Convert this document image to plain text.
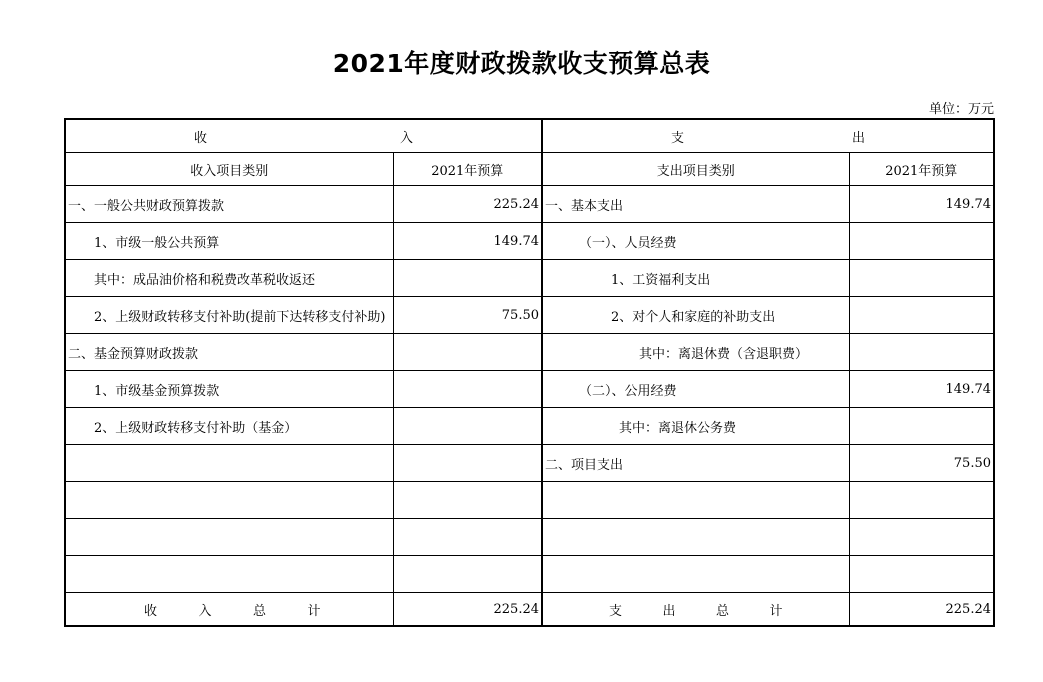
2021年度财政拨款收支预算总表
单位：万元
收 入		支 出	

收入项目类别	2021年预算	支出项目类别	2021年预算
一、一般公共财政预算拨款	225.24	一、基本支出	149.74
1、市级一般公共预算	149.74	（一）、人员经费	
其中：成品油价格和税费改革税收返还		1、工资福利支出	
2、上级财政转移支付补助(提前下达转移支付补助)	75.50	2、对个人和家庭的补助支出	
二、基金预算财政拨款		其中：离退休费（含退职费）	
1、市级基金预算拨款		（二）、公用经费	149.74
2、上级财政转移支付补助（基金）		其中：离退休公务费	
		二、项目支出	75.50

收 入 总 计	225.24	支 出 总 计	225.24
